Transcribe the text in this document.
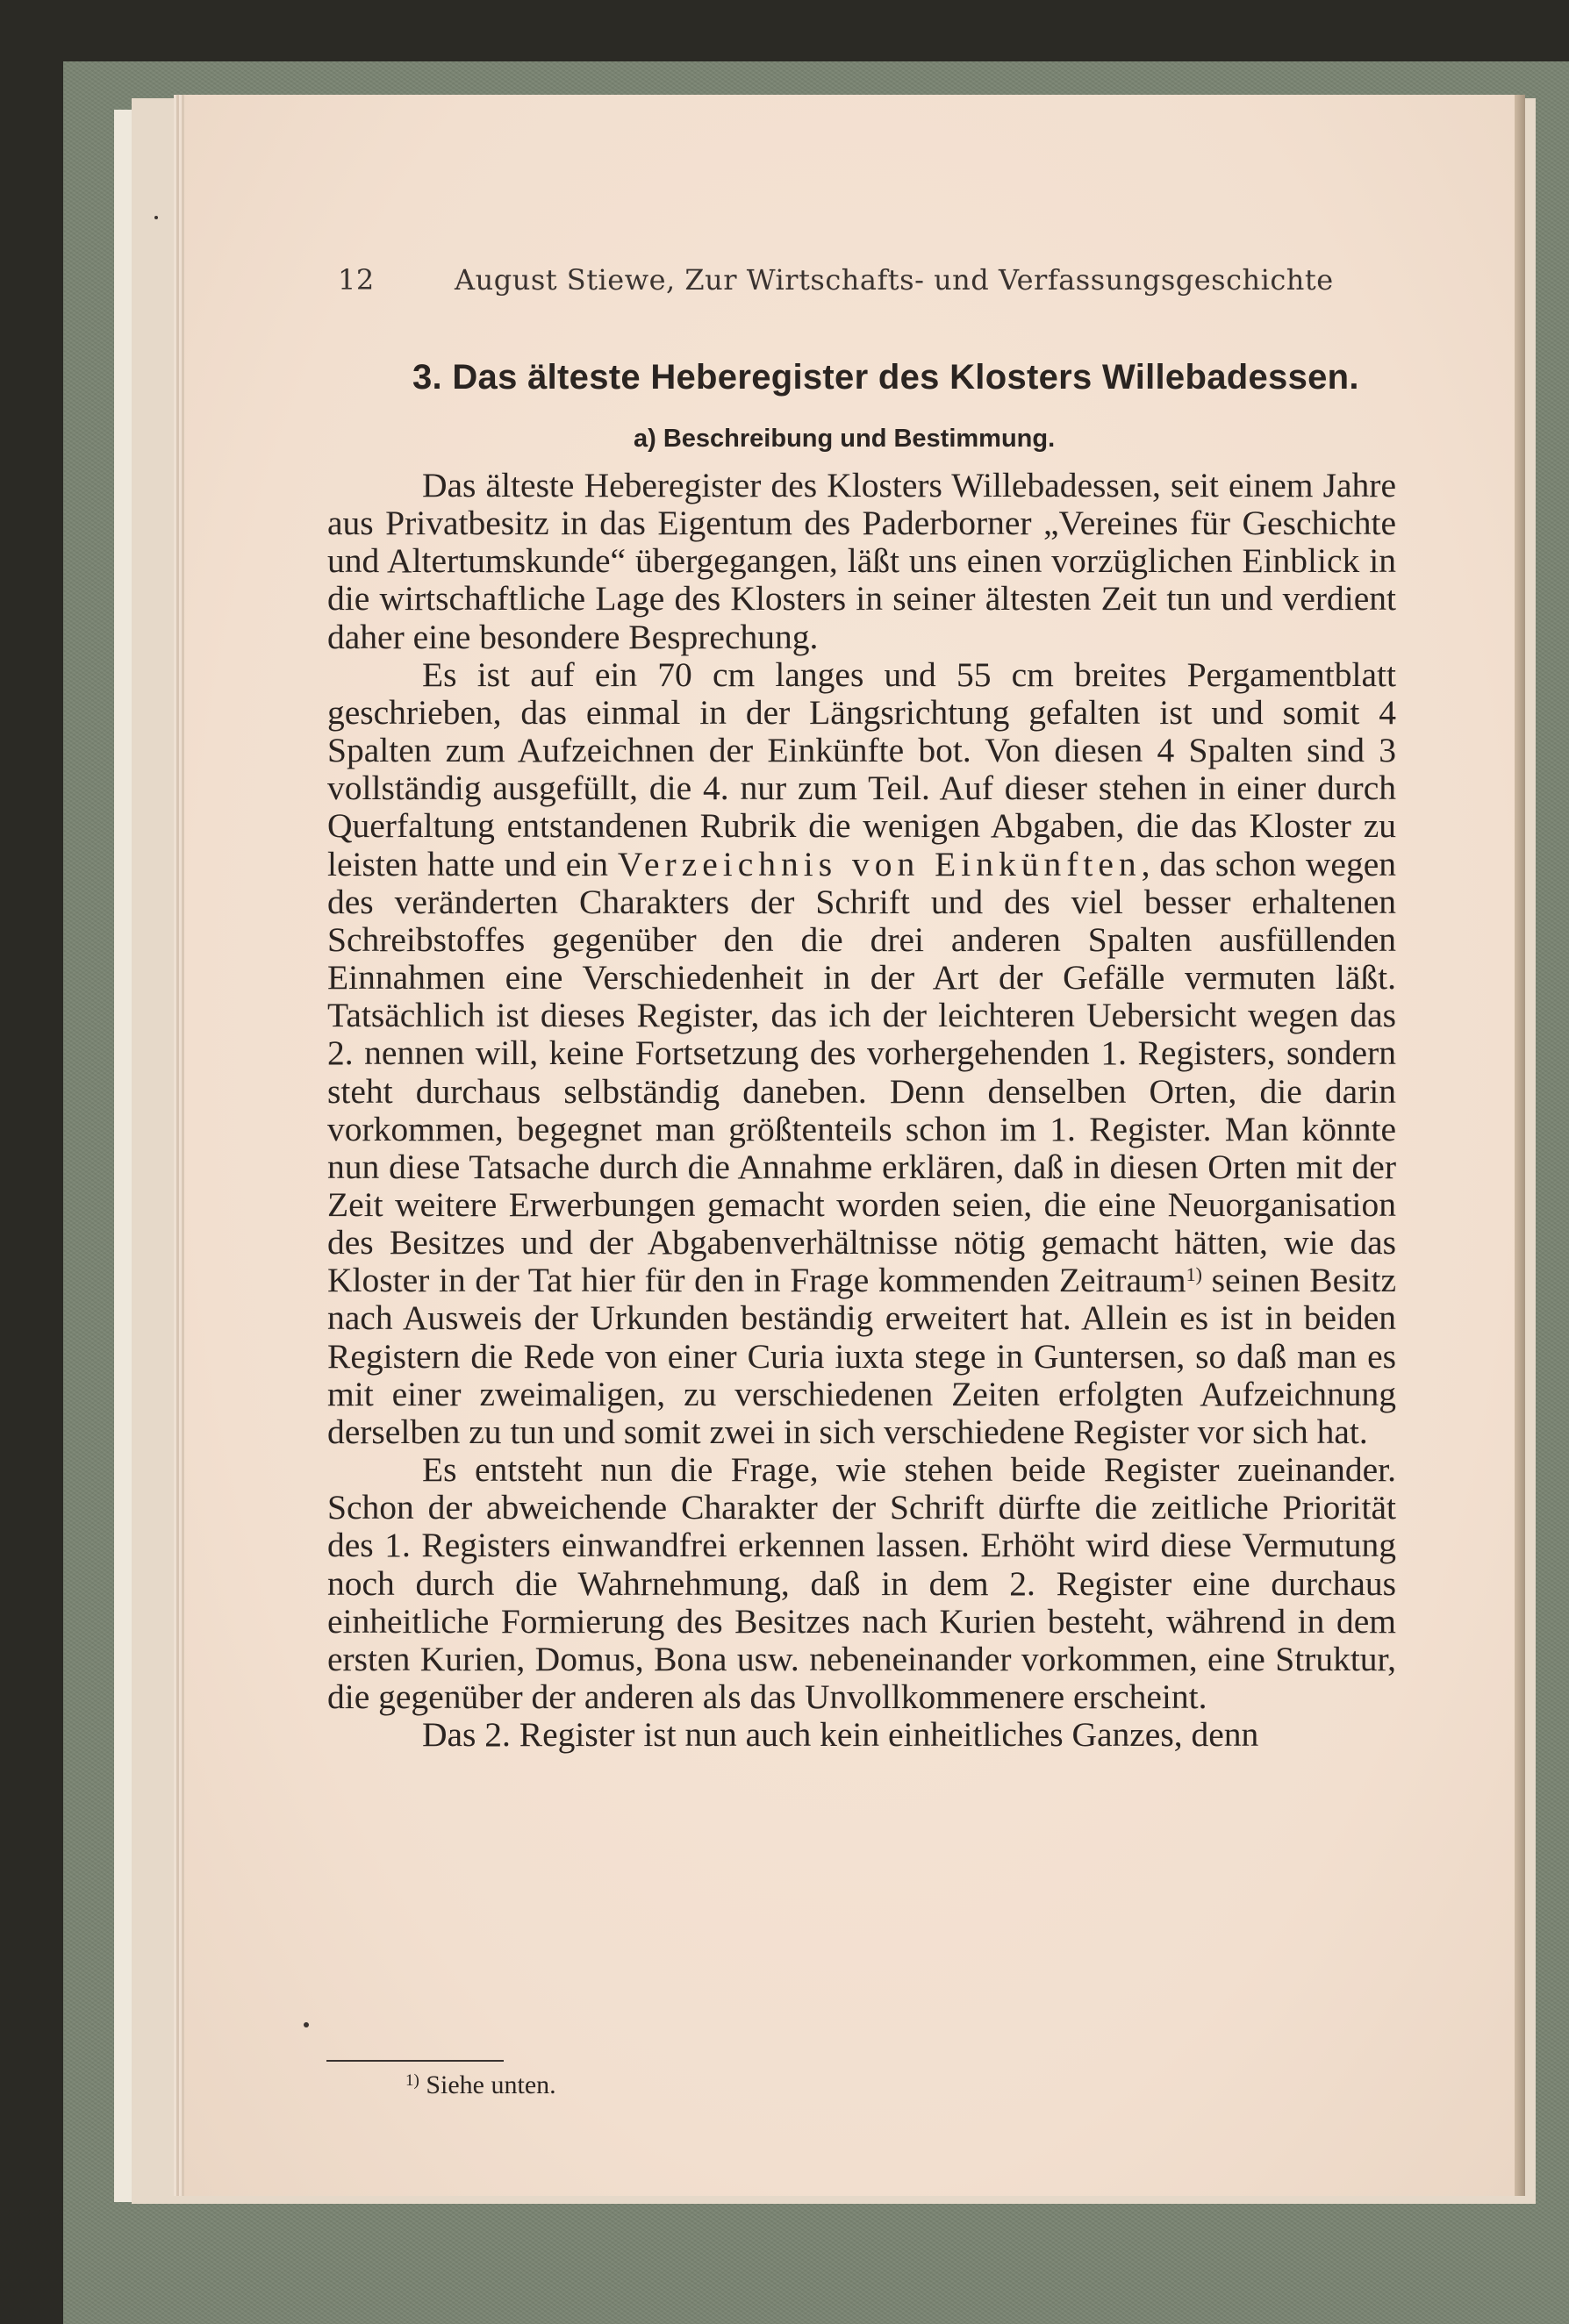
12	August Stiewe, Zur Wirtschafts- und Verfassungsgeschichte
3. Das älteste Heberegister des Klosters Willebadessen.
a) Beschreibung und Bestimmung.

Das älteste Heberegister des Klosters Willebadessen, seit einem Jahre aus Privatbesitz in das Eigentum des Paderborner „Vereines für Geschichte und Altertumskunde“ übergegangen, läßt uns einen vorzüglichen Einblick in die wirtschaftliche Lage des Klosters in seiner ältesten Zeit tun und verdient daher eine besondere Besprechung.

Es ist auf ein 70 cm langes und 55 cm breites Pergamentblatt geschrieben, das einmal in der Längsrichtung gefalten ist und somit 4 Spalten zum Aufzeichnen der Einkünfte bot. Von diesen 4 Spalten sind 3 vollständig ausgefüllt, die 4. nur zum Teil. Auf dieser stehen in einer durch Querfaltung entstandenen Rubrik die wenigen Abgaben, die das Kloster zu leisten hatte und ein Verzeichnis von Einkünften, das schon wegen des veränderten Charakters der Schrift und des viel besser erhaltenen Schreibstoffes gegenüber den die drei anderen Spalten ausfüllenden Einnahmen eine Verschiedenheit in der Art der Gefälle vermuten läßt. Tatsächlich ist dieses Register, das ich der leichteren Uebersicht wegen das 2. nennen will, keine Fortsetzung des vorhergehenden 1. Registers, sondern steht durchaus selbständig daneben. Denn denselben Orten, die darin vorkommen, begegnet man größtenteils schon im 1. Register. Man könnte nun diese Tatsache durch die Annahme erklären, daß in diesen Orten mit der Zeit weitere Erwerbungen gemacht worden seien, die eine Neuorganisation des Besitzes und der Abgabenverhältnisse nötig gemacht hätten, wie das Kloster in der Tat hier für den in Frage kommenden Zeitraum$^{1)}$ seinen Besitz nach Ausweis der Urkunden beständig erweitert hat. Allein es ist in beiden Registern die Rede von einer Curia iuxta stege in Guntersen, so daß man es mit einer zweimaligen, zu verschiedenen Zeiten erfolgten Aufzeichnung derselben zu tun und somit zwei in sich verschiedene Register vor sich hat.

Es entsteht nun die Frage, wie stehen beide Register zueinander. Schon der abweichende Charakter der Schrift dürfte die zeitliche Priorität des 1. Registers einwandfrei erkennen lassen. Erhöht wird diese Vermutung noch durch die Wahrnehmung, daß in dem 2. Register eine durchaus einheitliche Formierung des Besitzes nach Kurien besteht, während in dem ersten Kurien, Domus, Bona usw. nebeneinander vorkommen, eine Struktur, die gegenüber der anderen als das Unvollkommenere erscheint.

Das 2. Register ist nun auch kein einheitliches Ganzes, denn

$^{1)}$ Siehe unten.
